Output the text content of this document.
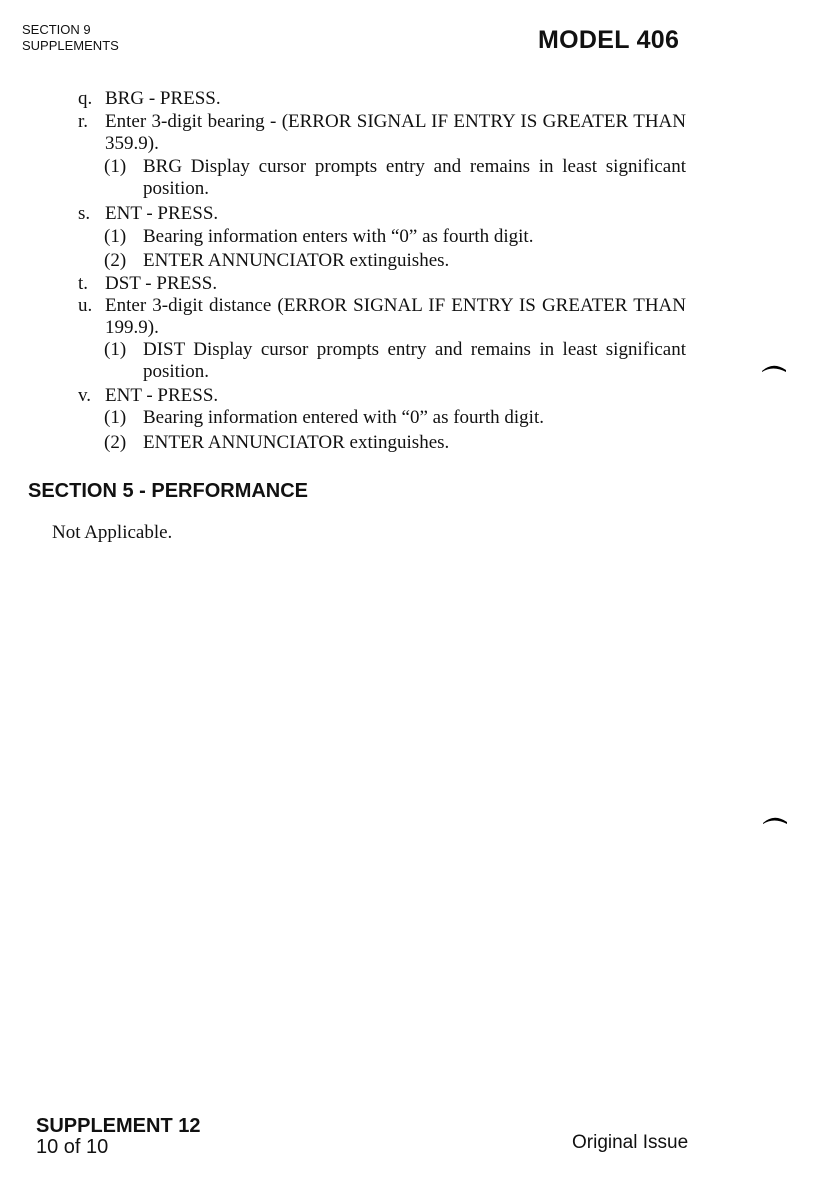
SECTION 9
SUPPLEMENTS	MODEL 406
q. BRG - PRESS.
r. Enter 3-digit bearing - (ERROR SIGNAL IF ENTRY IS GREATER THAN 359.9).
(1) BRG Display cursor prompts entry and remains in least significant position.
s. ENT - PRESS.
(1) Bearing information enters with “0” as fourth digit.
(2) ENTER ANNUNCIATOR extinguishes.
t. DST - PRESS.
u. Enter 3-digit distance (ERROR SIGNAL IF ENTRY IS GREATER THAN 199.9).
(1) DIST Display cursor prompts entry and remains in least significant position.
v. ENT - PRESS.
(1) Bearing information entered with “0” as fourth digit.
(2) ENTER ANNUNCIATOR extinguishes.
SECTION 5 - PERFORMANCE
Not Applicable.
SUPPLEMENT 12
10 of 10	Original Issue
